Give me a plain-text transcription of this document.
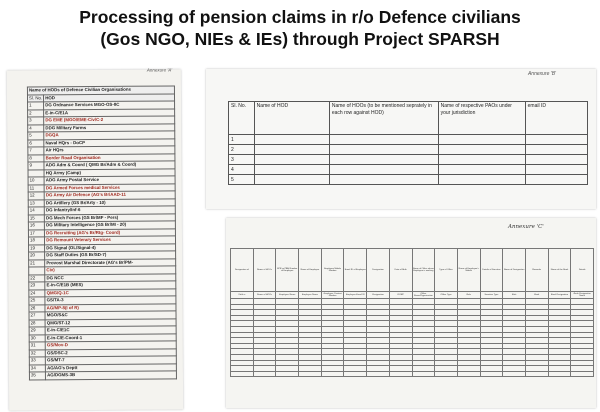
Processing of pension claims in r/o Defence civilians
(Gos NGO, NIEs & IEs) through Project SPARSH
Annexure 'A'
Name of HODs of Defence Civilian Organisations	
Sl. No.	HOD
1	DG Ordnance Services MGO-OS-8C
2	E-in-C/E1A
3	DG EME (MGO/EME-Civ/C-2
4	DDG Military Farms
5	DGQA
6	Naval HQrs - DoCP
7	Air HQrs
8	Border Road Organisation
9	ADG Adm & Coord ( QMG Br/Adm & Coord)
	HQ Army (Camp)
10	ADG Army Postal Service
11	DG Armed Forces medical Services
12	DG Army Air Defence (AG's Br/AAD-11
13	DG Artillery (GS Br/Arty - 10)
14	DG Infantry/Inf-6
15	DG Mech Forces (GS Br/MF - Pers)
16	DG Military Intelligence (GS Br/MI - 20)
17	DG Recruiting (AG's Br/Rtg- Coord)
18	DG Remount Veterary Services
19	DG Signal (OL/Signal-4)
20	DG Staff Duties (GS Br/SD-7)
21	Provost Marshal Directorate (AG's Br/PM-
	Civ)
22	DG NCC
23	E-in-C/E1B (MES)
24	QMG/Q-1C
25	GS/TA-3
26	AG/MP-8(I of R)
27	MGO/S&C
28	QMG/ST-12
29	E-in-C/E1C
30	E-in-C/E-Coord-1
31	GS/Mov-D
32	GS/DSC-2
33	GS/MT-7
34	AG/AG's Deptt
35	AG/DGMS-3B
Annexure 'B'
Sl. No.	Name of HOD	Name of HOOs (to be mentioned seprately in each row against HOD)	Name of respective PAOs under your jurisdiction	email ID
1				
2				
3				
4				
5				
Annexure 'C'
Designation of	Name of HOOs	SPR or PAN Number of Employee	Name of Employee	Employee Mobile Number	Email ID of Employee	Designation	Date of Birth	Name of Office where Employee is working	Type of Office	Name of Employee's Mobile	Details of Sanction	Name of Designation	Remarks	Name of the Bank	Details
Table e	Name of HOOs	Employee Name	Employee Name	Employee Contact Number	Employee Email ID	Designation	DOBP	Office Name/Organisation	Office Type	Role	Sanction Type	Role	Bank	Bank Designation	Bank Designation Name
